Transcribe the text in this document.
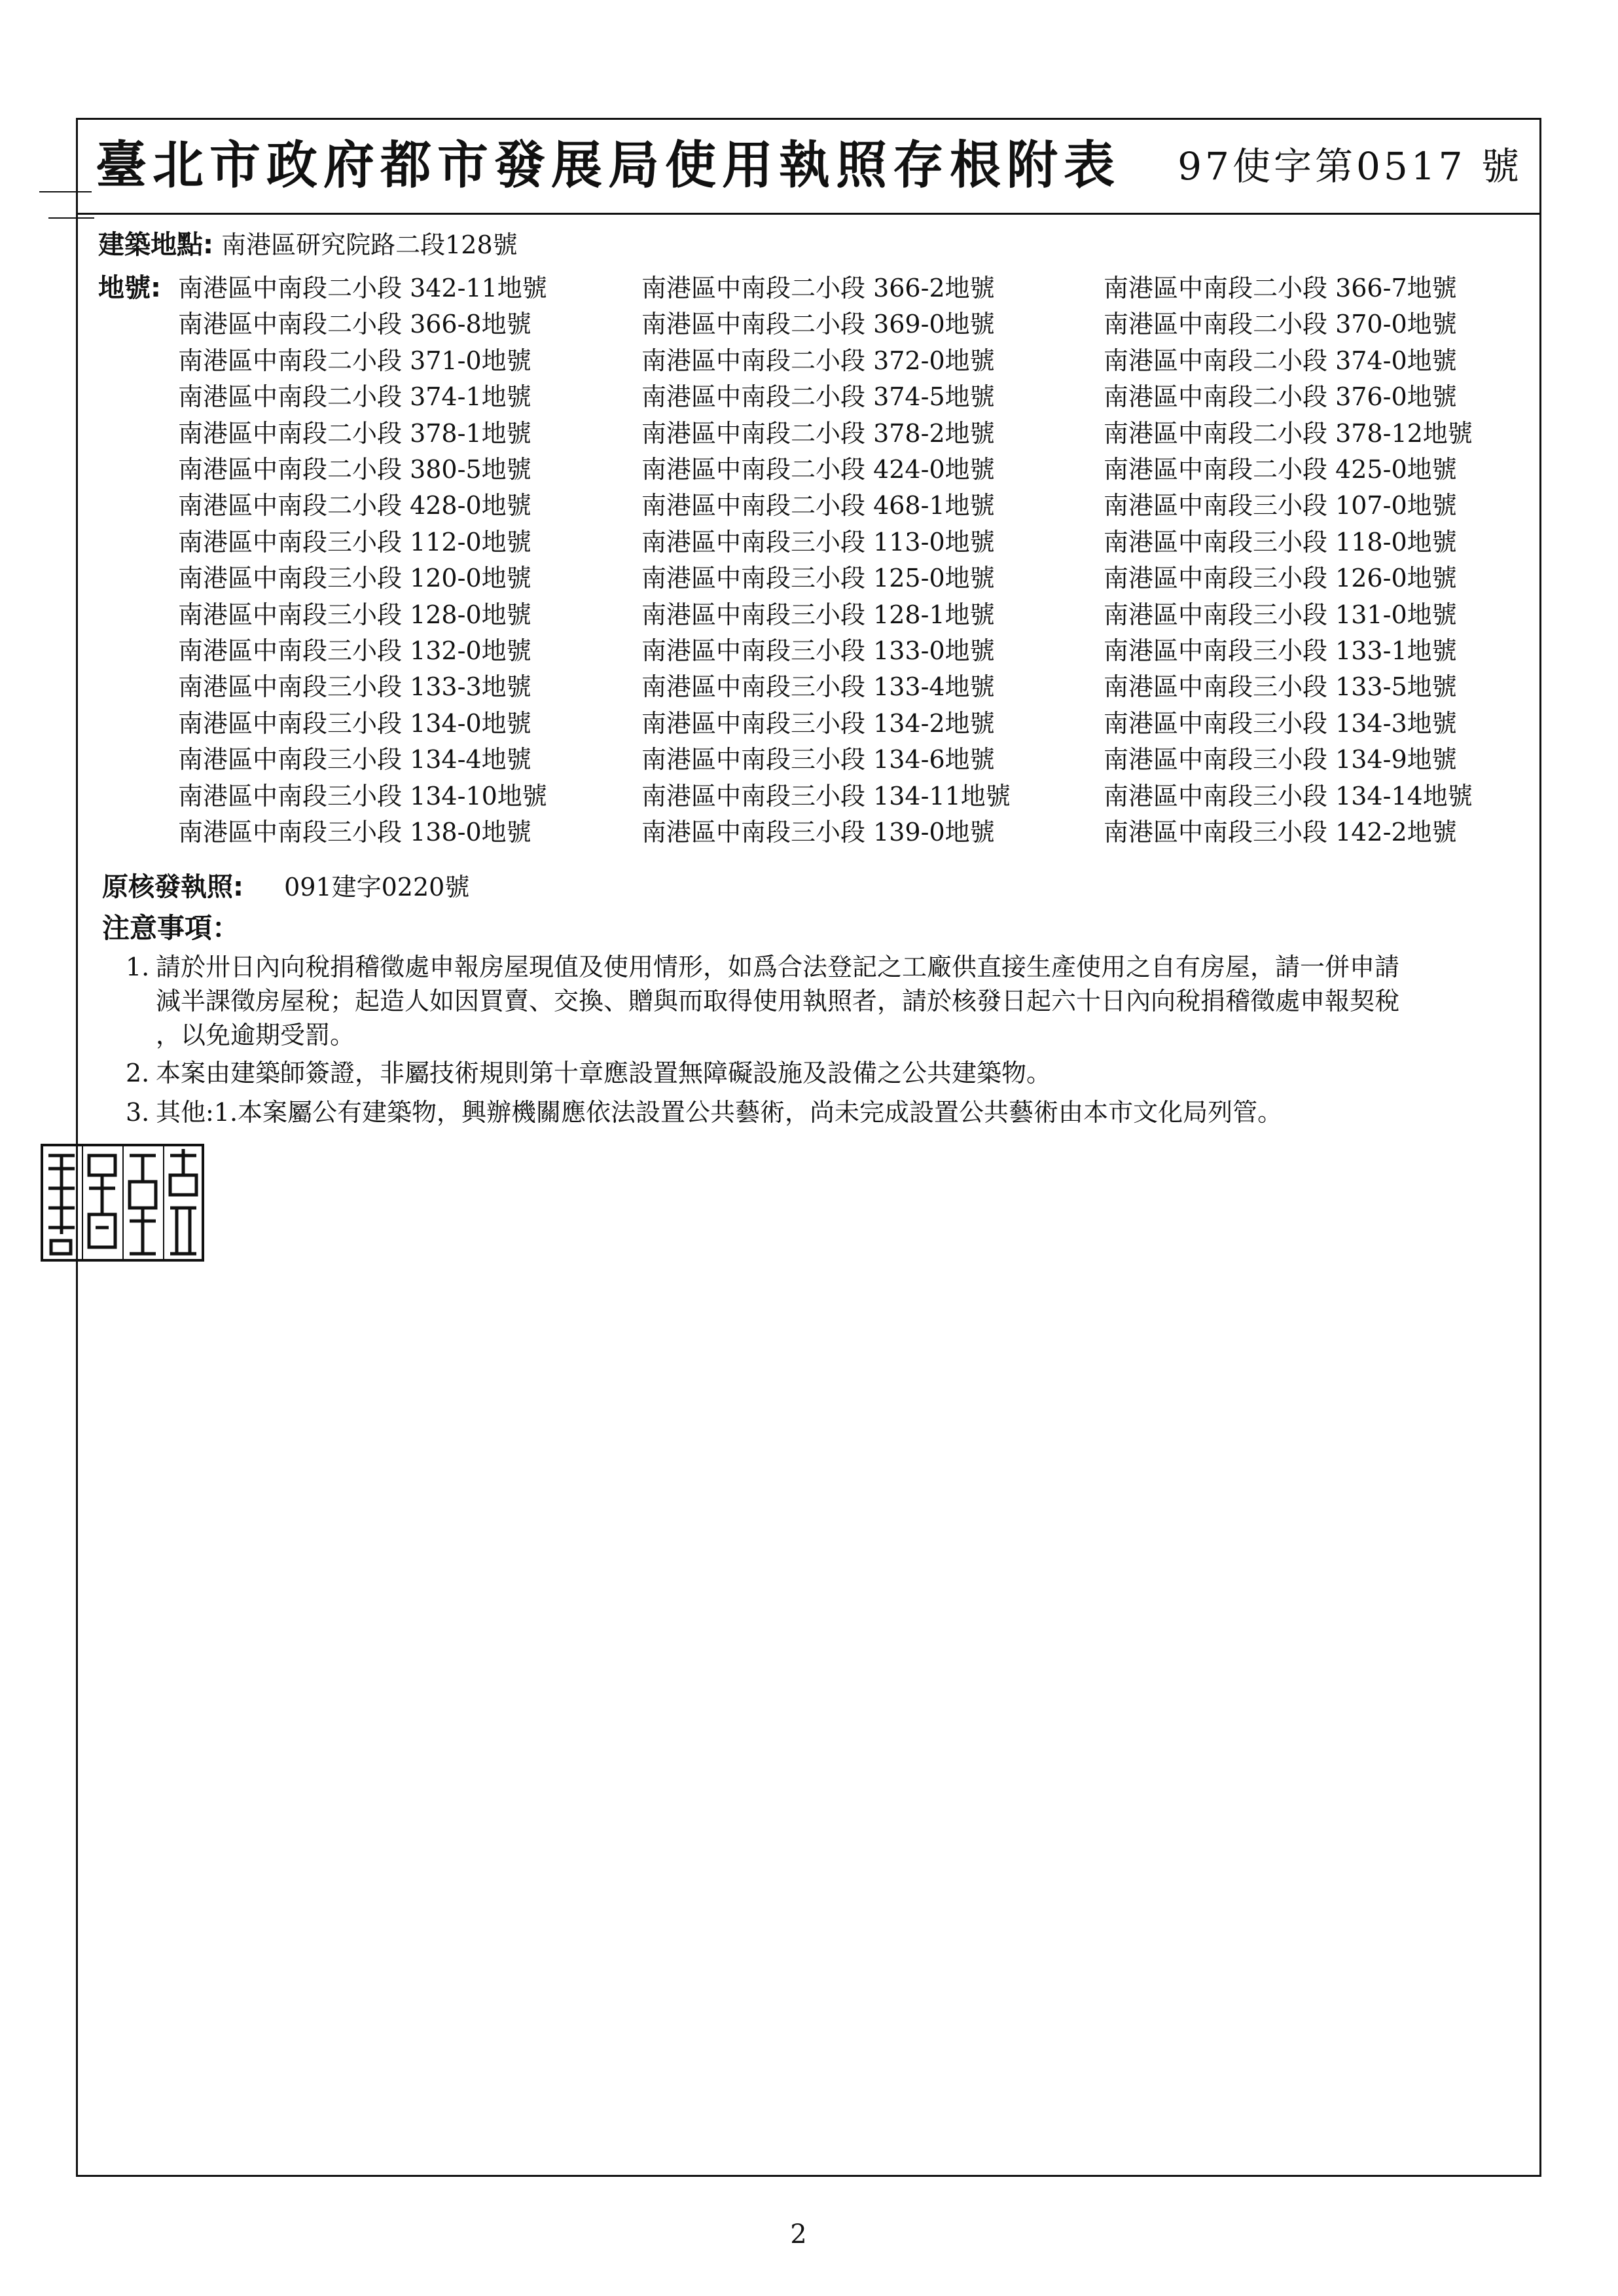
臺北市政府都市發展局使用執照存根附表 97使字第0517 號
建築地點: 南港區研究院路二段128號
地號: 南港區中南段二小段 342-11地號	南港區中南段二小段 366-2地號	南港區中南段二小段 366-7地號
南港區中南段二小段 366-8地號	南港區中南段二小段 369-0地號	南港區中南段二小段 370-0地號
南港區中南段二小段 371-0地號	南港區中南段二小段 372-0地號	南港區中南段二小段 374-0地號
南港區中南段二小段 374-1地號	南港區中南段二小段 374-5地號	南港區中南段二小段 376-0地號
南港區中南段二小段 378-1地號	南港區中南段二小段 378-2地號	南港區中南段二小段 378-12地號
南港區中南段二小段 380-5地號	南港區中南段二小段 424-0地號	南港區中南段二小段 425-0地號
南港區中南段二小段 428-0地號	南港區中南段二小段 468-1地號	南港區中南段三小段 107-0地號
南港區中南段三小段 112-0地號	南港區中南段三小段 113-0地號	南港區中南段三小段 118-0地號
南港區中南段三小段 120-0地號	南港區中南段三小段 125-0地號	南港區中南段三小段 126-0地號
南港區中南段三小段 128-0地號	南港區中南段三小段 128-1地號	南港區中南段三小段 131-0地號
南港區中南段三小段 132-0地號	南港區中南段三小段 133-0地號	南港區中南段三小段 133-1地號
南港區中南段三小段 133-3地號	南港區中南段三小段 133-4地號	南港區中南段三小段 133-5地號
南港區中南段三小段 134-0地號	南港區中南段三小段 134-2地號	南港區中南段三小段 134-3地號
南港區中南段三小段 134-4地號	南港區中南段三小段 134-6地號	南港區中南段三小段 134-9地號
南港區中南段三小段 134-10地號	南港區中南段三小段 134-11地號	南港區中南段三小段 134-14地號
南港區中南段三小段 138-0地號	南港區中南段三小段 139-0地號	南港區中南段三小段 142-2地號
原核發執照: 091建字0220號
注意事項：
1. 請於卅日內向稅捐稽徵處申報房屋現值及使用情形，如爲合法登記之工廠供直接生產使用之自有房屋，請一併申請
減半課徵房屋稅；起造人如因買賣、交換、贈與而取得使用執照者，請於核發日起六十日內向稅捐稽徵處申報契稅
，以免逾期受罰。
2. 本案由建築師簽證，非屬技術規則第十章應設置無障礙設施及設備之公共建築物。
3. 其他:1.本案屬公有建築物，興辦機關應依法設置公共藝術，尚未完成設置公共藝術由本市文化局列管。
2
